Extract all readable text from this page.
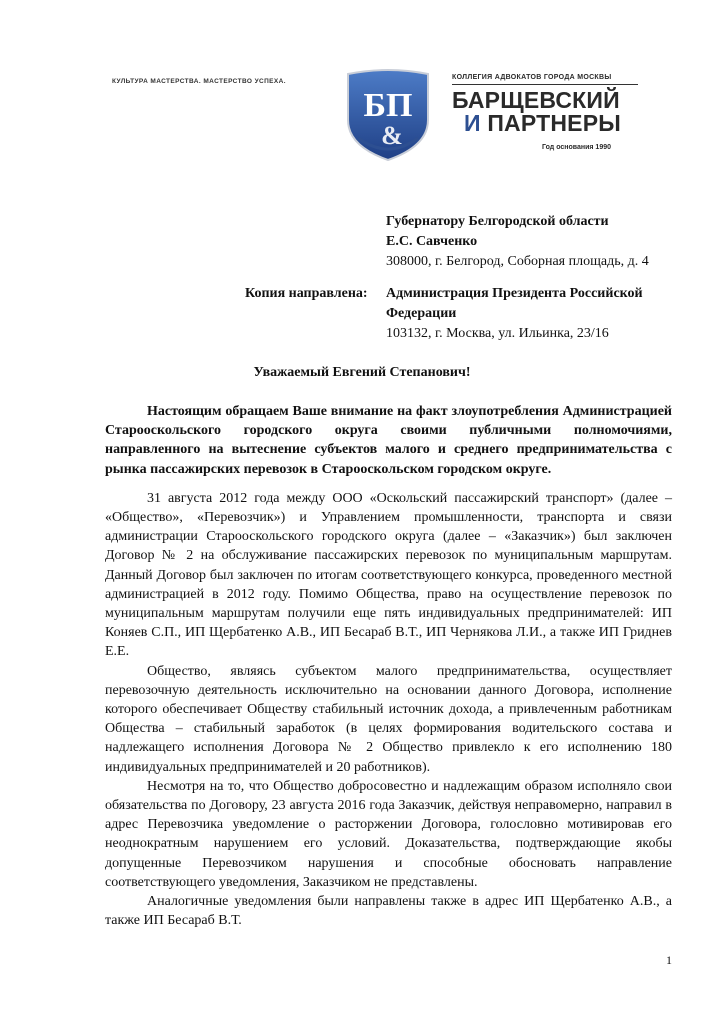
КУЛЬТУРА МАСТЕРСТВА. МАСТЕРСТВО УСПЕХА.
БП
&
КОЛЛЕГИЯ АДВОКАТОВ ГОРОДА МОСКВЫ
БАРЩЕВСКИЙ
И ПАРТНЕРЫ
Год основания 1990
Губернатору Белгородской области
Е.С. Савченко
308000, г. Белгород, Соборная площадь, д. 4
Копия направлена: Администрация Президента Российской
Федерации
103132, г. Москва, ул. Ильинка, 23/16
Уважаемый Евгений Степанович!

Настоящим обращаем Ваше внимание на факт злоупотребления Администрацией Старооскольского городского округа своими публичными полномочиями, направленного на вытеснение субъектов малого и среднего предпринимательства с рынка пассажирских перевозок в Старооскольском городском округе.

31 августа 2012 года между ООО «Оскольский пассажирский транспорт» (далее – «Общество», «Перевозчик») и Управлением промышленности, транспорта и связи администрации Старооскольского городского округа (далее – «Заказчик») был заключен Договор № 2 на обслуживание пассажирских перевозок по муниципальным маршрутам. Данный Договор был заключен по итогам соответствующего конкурса, проведенного местной администрацией в 2012 году. Помимо Общества, право на осуществление перевозок по муниципальным маршрутам получили еще пять индивидуальных предпринимателей: ИП Коняев С.П., ИП Щербатенко А.В., ИП Бесараб В.Т., ИП Чернякова Л.И., а также ИП Гриднев Е.Е.

Общество, являясь субъектом малого предпринимательства, осуществляет перевозочную деятельность исключительно на основании данного Договора, исполнение которого обеспечивает Обществу стабильный источник дохода, а привлеченным работникам Общества – стабильный заработок (в целях формирования водительского состава и надлежащего исполнения Договора № 2 Общество привлекло к его исполнению 180 индивидуальных предпринимателей и 20 работников).

Несмотря на то, что Общество добросовестно и надлежащим образом исполняло свои обязательства по Договору, 23 августа 2016 года Заказчик, действуя неправомерно, направил в адрес Перевозчика уведомление о расторжении Договора, голословно мотивировав его неоднократным нарушением его условий. Доказательства, подтверждающие якобы допущенные Перевозчиком нарушения и способные обосновать направление соответствующего уведомления, Заказчиком не представлены.

Аналогичные уведомления были направлены также в адрес ИП Щербатенко А.В., а также ИП Бесараб В.Т.

1
